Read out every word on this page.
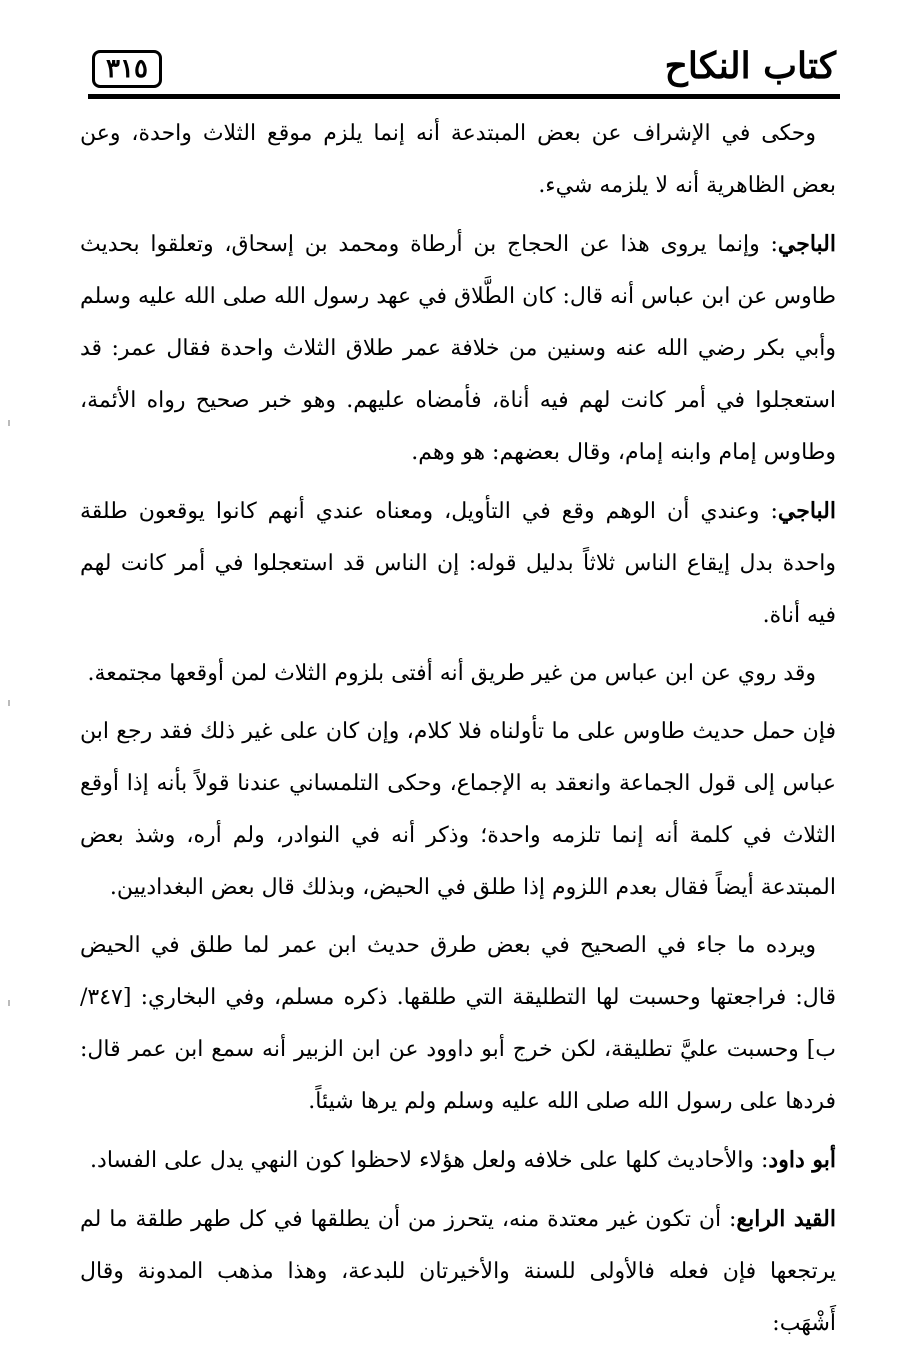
كتاب النكاح
٣١٥

وحكى في الإشراف عن بعض المبتدعة أنه إنما يلزم موقع الثلاث واحدة، وعن بعض الظاهرية أنه لا يلزمه شيء.

الباجي: وإنما يروى هذا عن الحجاج بن أرطاة ومحمد بن إسحاق، وتعلقوا بحديث طاوس عن ابن عباس أنه قال: كان الطَّلاق في عهد رسول الله صلى الله عليه وسلم وأبي بكر رضي الله عنه وسنين من خلافة عمر طلاق الثلاث واحدة فقال عمر: قد استعجلوا في أمر كانت لهم فيه أناة، فأمضاه عليهم. وهو خبر صحيح رواه الأئمة، وطاوس إمام وابنه إمام، وقال بعضهم: هو وهم.

الباجي: وعندي أن الوهم وقع في التأويل، ومعناه عندي أنهم كانوا يوقعون طلقة واحدة بدل إيقاع الناس ثلاثاً بدليل قوله: إن الناس قد استعجلوا في أمر كانت لهم فيه أناة.

وقد روي عن ابن عباس من غير طريق أنه أفتى بلزوم الثلاث لمن أوقعها مجتمعة.

فإن حمل حديث طاوس على ما تأولناه فلا كلام، وإن كان على غير ذلك فقد رجع ابن عباس إلى قول الجماعة وانعقد به الإجماع، وحكى التلمساني عندنا قولاً بأنه إذا أوقع الثلاث في كلمة أنه إنما تلزمه واحدة؛ وذكر أنه في النوادر، ولم أره، وشذ بعض المبتدعة أيضاً فقال بعدم اللزوم إذا طلق في الحيض، وبذلك قال بعض البغداديين.

ويرده ما جاء في الصحيح في بعض طرق حديث ابن عمر لما طلق في الحيض قال: فراجعتها وحسبت لها التطليقة التي طلقها. ذكره مسلم، وفي البخاري: [٣٤٧/ب] وحسبت عليَّ تطليقة، لكن خرج أبو داوود عن ابن الزبير أنه سمع ابن عمر قال: فردها على رسول الله صلى الله عليه وسلم ولم يرها شيئاً.

أبو داود: والأحاديث كلها على خلافه ولعل هؤلاء لاحظوا كون النهي يدل على الفساد.

القيد الرابع: أن تكون غير معتدة منه، يتحرز من أن يطلقها في كل طهر طلقة ما لم يرتجعها فإن فعله فالأولى للسنة والأخيرتان للبدعة، وهذا مذهب المدونة وقال أَشْهَب:
